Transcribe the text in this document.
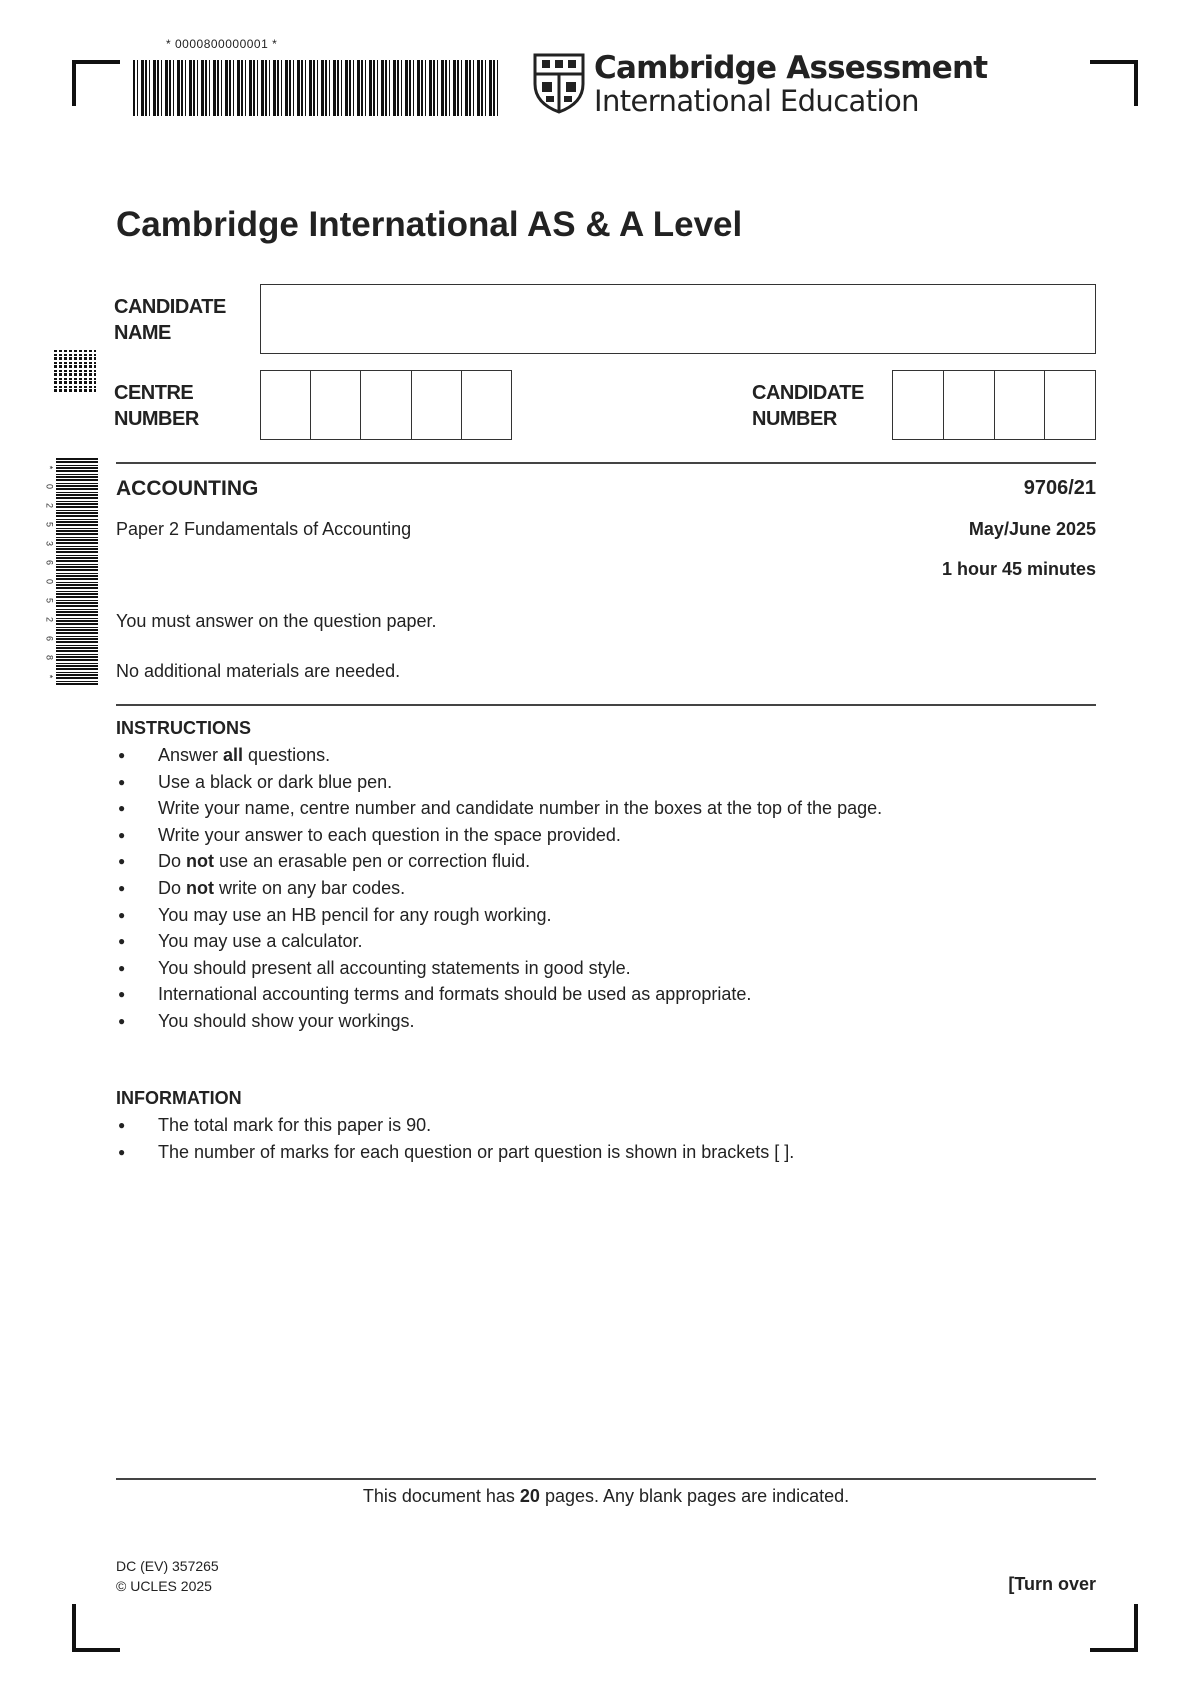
* 0000800000001 *
*
0
2
5
3
6
0
5
2
6
8
*
Cambridge Assessment
International Education
Cambridge International AS & A Level
CANDIDATE
NAME
CENTRE
NUMBER
CANDIDATE
NUMBER
ACCOUNTING	9706/21
Paper 2 Fundamentals of Accounting	May/June 2025
1 hour 45 minutes
You must answer on the question paper.
No additional materials are needed.
INSTRUCTIONS
● Answer all questions.
● Use a black or dark blue pen.
● Write your name, centre number and candidate number in the boxes at the top of the page.
● Write your answer to each question in the space provided.
● Do not use an erasable pen or correction fluid.
● Do not write on any bar codes.
● You may use an HB pencil for any rough working.
● You may use a calculator.
● You should present all accounting statements in good style.
● International accounting terms and formats should be used as appropriate.
● You should show your workings.
INFORMATION
● The total mark for this paper is 90.
● The number of marks for each question or part question is shown in brackets [ ].
This document has 20 pages. Any blank pages are indicated.
DC (EV) 357265
© UCLES 2025	[Turn over
